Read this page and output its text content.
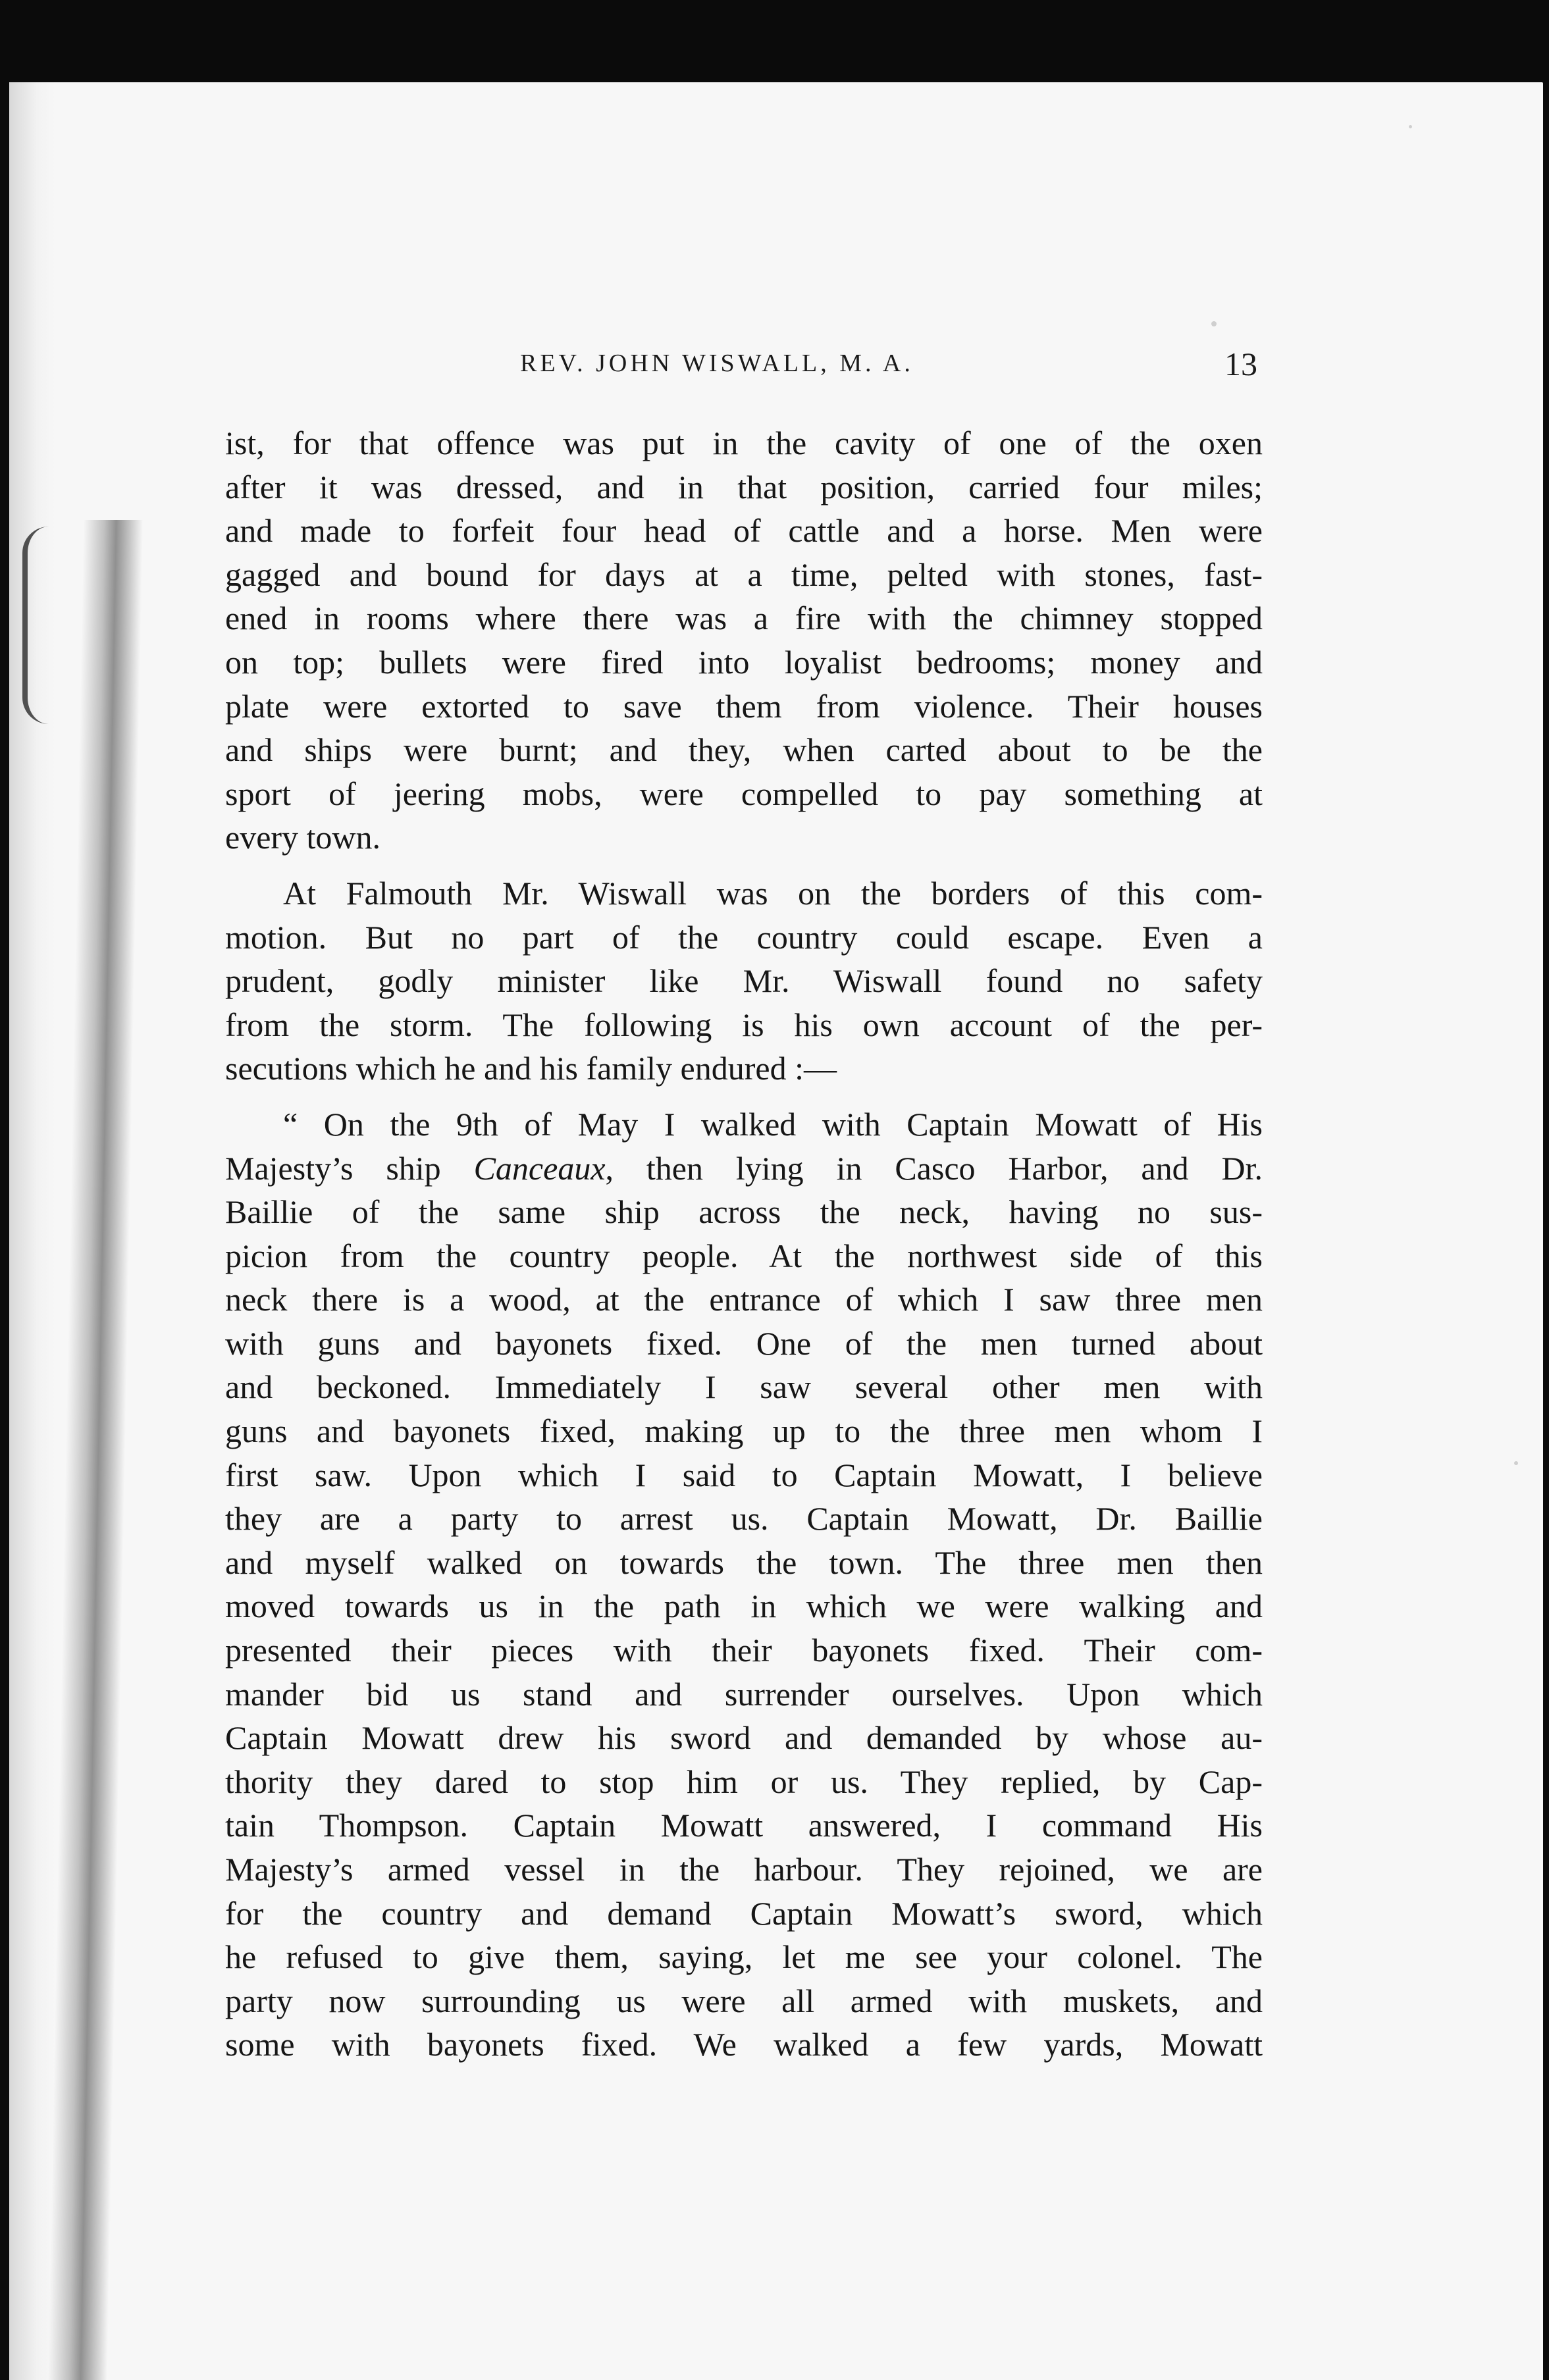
REV. JOHN WISWALL, M. A.	13
ist, for that offence was put in the cavity of one of the oxen
after it was dressed, and in that position, carried four miles;
and made to forfeit four head of cattle and a horse. Men were
gagged and bound for days at a time, pelted with stones, fast-
ened in rooms where there was a fire with the chimney stopped
on top; bullets were fired into loyalist bedrooms; money and
plate were extorted to save them from violence. Their houses
and ships were burnt; and they, when carted about to be the
sport of jeering mobs, were compelled to pay something at
every town.
At Falmouth Mr. Wiswall was on the borders of this com-
motion. But no part of the country could escape. Even a
prudent, godly minister like Mr. Wiswall found no safety
from the storm. The following is his own account of the per-
secutions which he and his family endured :—
“ On the 9th of May I walked with Captain Mowatt of His
Majesty’s ship Canceaux, then lying in Casco Harbor, and Dr.
Baillie of the same ship across the neck, having no sus-
picion from the country people. At the northwest side of this
neck there is a wood, at the entrance of which I saw three men
with guns and bayonets fixed. One of the men turned about
and beckoned. Immediately I saw several other men with
guns and bayonets fixed, making up to the three men whom I
first saw. Upon which I said to Captain Mowatt, I believe
they are a party to arrest us. Captain Mowatt, Dr. Baillie
and myself walked on towards the town. The three men then
moved towards us in the path in which we were walking and
presented their pieces with their bayonets fixed. Their com-
mander bid us stand and surrender ourselves. Upon which
Captain Mowatt drew his sword and demanded by whose au-
thority they dared to stop him or us. They replied, by Cap-
tain Thompson. Captain Mowatt answered, I command His
Majesty’s armed vessel in the harbour. They rejoined, we are
for the country and demand Captain Mowatt’s sword, which
he refused to give them, saying, let me see your colonel. The
party now surrounding us were all armed with muskets, and
some with bayonets fixed. We walked a few yards, Mowatt
